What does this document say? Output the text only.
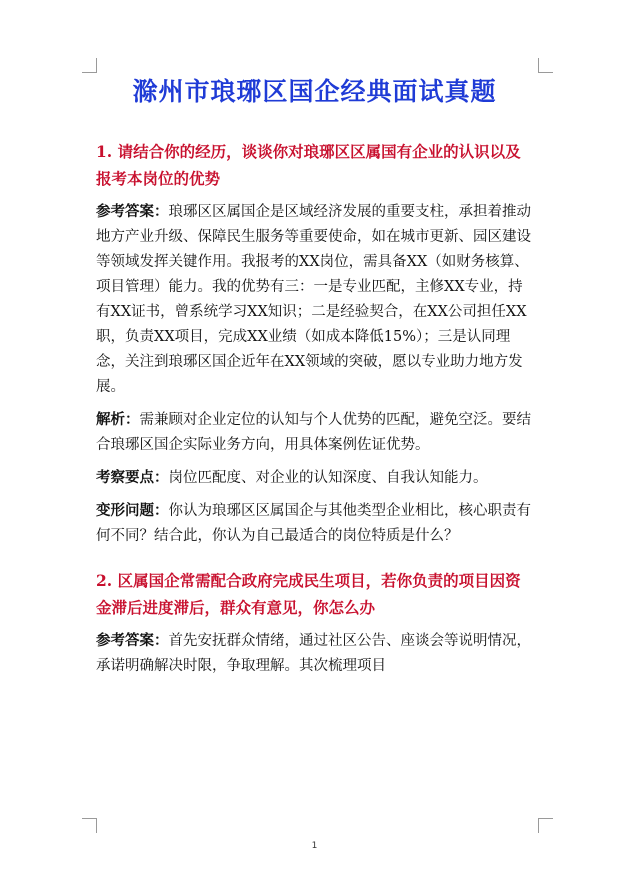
滁州市琅琊区国企经典面试真题
1. 请结合你的经历，谈谈你对琅琊区区属国有企业的认识以及报考本岗位的优势
参考答案：琅琊区区属国企是区域经济发展的重要支柱，承担着推动地方产业升级、保障民生服务等重要使命，如在城市更新、园区建设等领域发挥关键作用。我报考的XX岗位，需具备XX（如财务核算、项目管理）能力。我的优势有三：一是专业匹配，主修XX专业，持有XX证书，曾系统学习XX知识；二是经验契合，在XX公司担任XX职，负责XX项目，完成XX业绩（如成本降低15%）；三是认同理念，关注到琅琊区国企近年在XX领域的突破，愿以专业助力地方发展。
解析：需兼顾对企业定位的认知与个人优势的匹配，避免空泛。要结合琅琊区国企实际业务方向，用具体案例佐证优势。
考察要点：岗位匹配度、对企业的认知深度、自我认知能力。
变形问题：你认为琅琊区区属国企与其他类型企业相比，核心职责有何不同？结合此，你认为自己最适合的岗位特质是什么？
2. 区属国企常需配合政府完成民生项目，若你负责的项目因资金滞后进度滞后，群众有意见，你怎么办
参考答案：首先安抚群众情绪，通过社区公告、座谈会等说明情况，承诺明确解决时限，争取理解。其次梳理项目
1
